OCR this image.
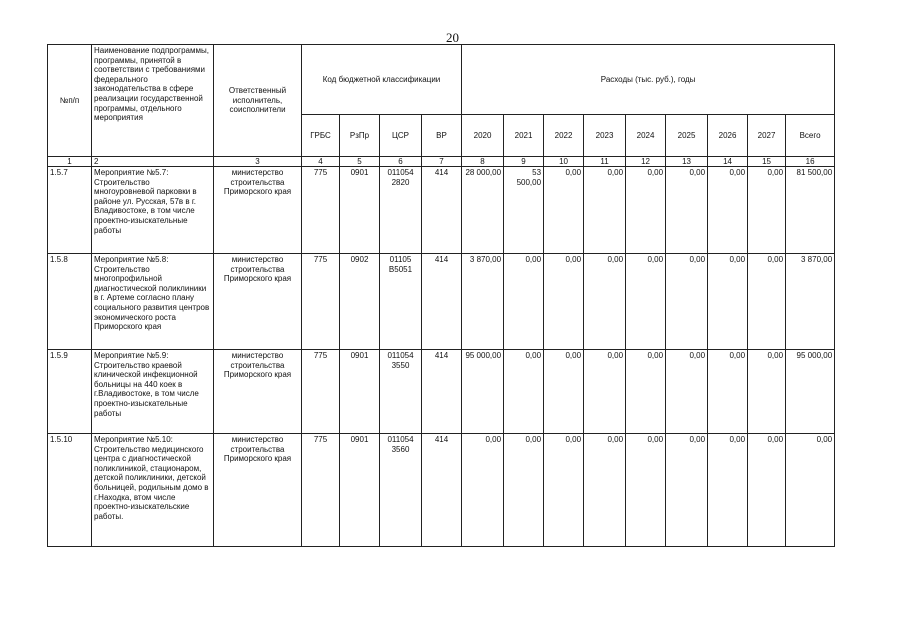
20
№п/п	Наименование подпрограммы, программы, принятой в соответствии с требованиями федерального законодательства в сфере реализации государственной программы, отдельного мероприятия	Ответственный исполнитель, соисполнители	Код бюджетной классификации				Расходы (тыс. руб.), годы								
			ГРБС	РзПр	ЦСР	ВР	2020	2021	2022	2023	2024	2025	2026	2027	Всего
1	2	3	4	5	6	7	8	9	10	11	12	13	14	15	16
1.5.7	Мероприятие №5.7: Строительство многоуровневой парковки в районе ул. Русская, 57в в г. Владивостоке, в том числе проектно-изыскательные работы	министерство строительства Приморского края	775	0901	011054 2820	414	28 000,00	53 500,00	0,00	0,00	0,00	0,00	0,00	0,00	81 500,00
1.5.8	Мероприятие №5.8: Строительство многопрофильной диагностической поликлиники в г. Артеме согласно плану социального развития центров экономического роста Приморского края	министерство строительства Приморского края	775	0902	01105 В5051	414	3 870,00	0,00	0,00	0,00	0,00	0,00	0,00	0,00	3 870,00
1.5.9	Мероприятие №5.9: Строительство краевой клинической инфекционной больницы на 440 коек в г.Владивостоке, в том числе проектно-изыскательные работы	министерство строительства Приморского края	775	0901	011054 3550	414	95 000,00	0,00	0,00	0,00	0,00	0,00	0,00	0,00	95 000,00
1.5.10	Мероприятие №5.10: Строительство медицинского центра с диагностической поликлиникой, стационаром, детской поликлиники, детской больницей, родильным домо в г.Находка, втом числе проектно-изыскательские работы.	министерство строительства Приморского края	775	0901	011054 3560	414	0,00	0,00	0,00	0,00	0,00	0,00	0,00	0,00	0,00
